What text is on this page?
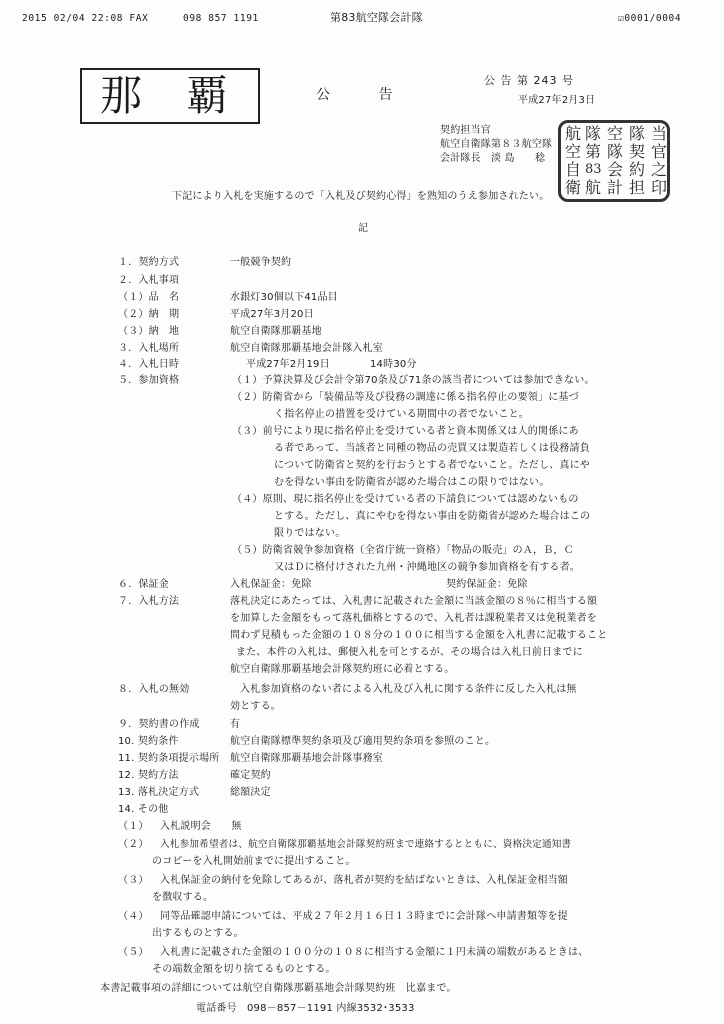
2015 02/04 22:08 FAX	098 857 1191	第83航空隊会計隊	☑0001/0004
那 覇	公 告
公 告 第 243 号
平成27年2月3日
契約担当官
航空自衛隊第８３航空隊
会計隊長　淡 島　　稔
航
空
自
衛
隊
第
83
航
空
隊
会
計
隊
契
約
担
当
官
之
印
下記により入札を実施するので「入札及び契約心得」を熟知のうえ参加されたい。
記
１．契約方式	一般競争契約
２．入札事項
（１）品　名	水銀灯30個以下41品目
（２）納　期	平成27年3月20日
（３）納　地	航空自衛隊那覇基地
３．入札場所	航空自衛隊那覇基地会計隊入札室
４．入札日時	平成27年2月19日	14時30分
５．参加資格	（１）予算決算及び会計令第70条及び71条の該当者については参加できない。
（２）防衛省から「装備品等及び役務の調達に係る指名停止の要領」に基づ
く指名停止の措置を受けている期間中の者でないこと。
（３）前号により現に指名停止を受けている者と資本関係又は人的関係にあ
る者であって、当該者と同種の物品の売買又は製造若しくは役務請負
について防衛省と契約を行おうとする者でないこと。ただし、真にや
むを得ない事由を防衛省が認めた場合はこの限りではない。
（４）原則、現に指名停止を受けている者の下請負については認めないもの
とする。ただし、真にやむを得ない事由を防衛省が認めた場合はこの
限りではない。
（５）防衛省競争参加資格（全省庁統一資格）「物品の販売」のＡ，Ｂ，Ｃ
又はＤに格付けされた九州・沖縄地区の競争参加資格を有する者。
６．保証金	入札保証金：免除	契約保証金：免除
７．入札方法	落札決定にあたっては、入札書に記載された金額に当該金額の８％に相当する額
を加算した金額をもって落札価格とするので、入札者は課税業者又は免税業者を
問わず見積もった金額の１０８分の１００に相当する金額を入札書に記載すること
また、本件の入札は、郵便入札を可とするが、その場合は入札日前日までに
航空自衛隊那覇基地会計隊契約班に必着とする。
８．入札の無効	入札参加資格のない者による入札及び入札に関する条件に反した入札は無
効とする。
９．契約書の作成	有
10. 契約条件	航空自衛隊標準契約条項及び適用契約条項を参照のこと。
11. 契約条項提示場所 航空自衛隊那覇基地会計隊事務室
12. 契約方法	確定契約
13. 落札決定方式	総額決定
14. その他
（１） 入札説明会　　無
（２） 入札参加希望者は、航空自衛隊那覇基地会計隊契約班まで連絡するとともに、資格決定通知書
のコピーを入札開始前までに提出すること。
（３） 入札保証金の納付を免除してあるが、落札者が契約を結ばないときは、入札保証金相当額
を徴収する。
（４） 同等品確認申請については、平成２７年２月１６日１３時までに会計隊へ申請書類等を提
出するものとする。
（５） 入札書に記載された金額の１００分の１０８に相当する金額に１円未満の端数があるときは、
その端数金額を切り捨てるものとする。
本書記載事項の詳細については航空自衛隊那覇基地会計隊契約班　比嘉まで。
電話番号　098－857－1191 内線3532･3533
